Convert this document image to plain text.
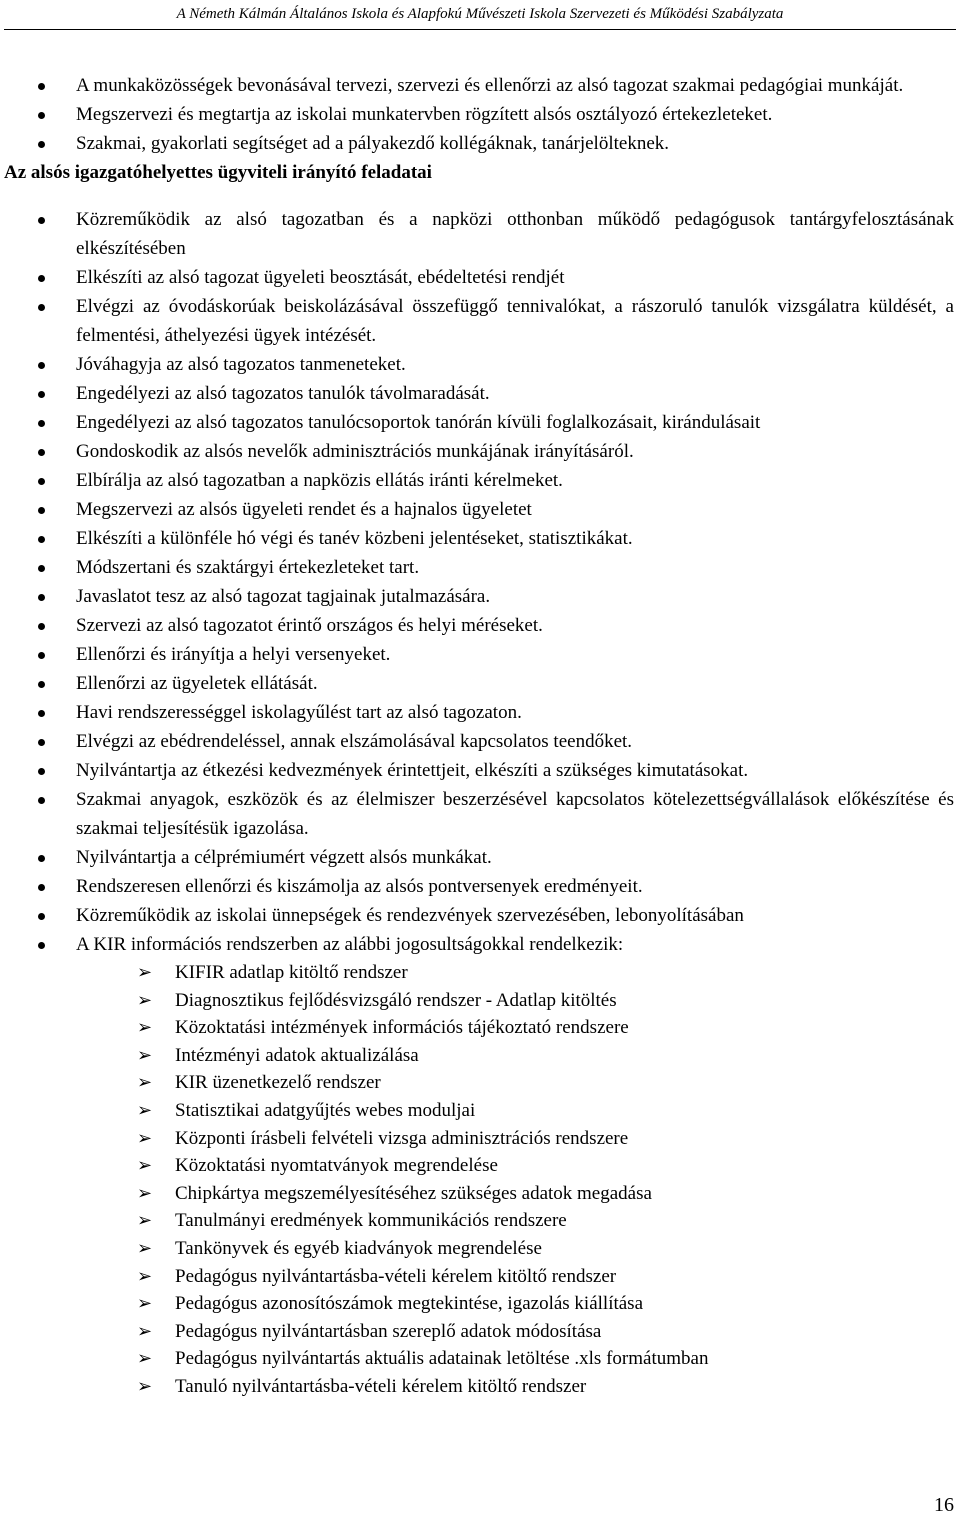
A Németh Kálmán Általános Iskola és Alapfokú Művészeti Iskola Szervezeti és Működési Szabályzata
A munkaközösségek bevonásával tervezi, szervezi és ellenőrzi az alsó tagozat szakmai pedagógiai munkáját.
Megszervezi és megtartja az iskolai munkatervben rögzített alsós osztályozó értekezleteket.
Szakmai, gyakorlati segítséget ad a pályakezdő kollégáknak, tanárjelölteknek.

Az alsós igazgatóhelyettes ügyviteli irányító feladatai

Közreműködik az alsó tagozatban és a napközi otthonban működő pedagógusok tantárgyfelosztásának elkészítésében
Elkészíti az alsó tagozat ügyeleti beosztását, ebédeltetési rendjét
Elvégzi az óvodáskorúak beiskolázásával összefüggő tennivalókat, a rászoruló tanulók vizsgálatra küldését, a felmentési, áthelyezési ügyek intézését.
Jóváhagyja az alsó tagozatos tanmeneteket.
Engedélyezi az alsó tagozatos tanulók távolmaradását.
Engedélyezi az alsó tagozatos tanulócsoportok tanórán kívüli foglalkozásait, kirándulásait
Gondoskodik az alsós nevelők adminisztrációs munkájának irányításáról.
Elbírálja az alsó tagozatban a napközis ellátás iránti kérelmeket.
Megszervezi az alsós ügyeleti rendet és a hajnalos ügyeletet
Elkészíti a különféle hó végi és tanév közbeni jelentéseket, statisztikákat.
Módszertani és szaktárgyi értekezleteket tart.
Javaslatot tesz az alsó tagozat tagjainak jutalmazására.
Szervezi az alsó tagozatot érintő országos és helyi méréseket.
Ellenőrzi és irányítja a helyi versenyeket.
Ellenőrzi az ügyeletek ellátását.
Havi rendszerességgel iskolagyűlést tart az alsó tagozaton.
Elvégzi az ebédrendeléssel, annak elszámolásával kapcsolatos teendőket.
Nyilvántartja az étkezési kedvezmények érintettjeit, elkészíti a szükséges kimutatásokat.
Szakmai anyagok, eszközök és az élelmiszer beszerzésével kapcsolatos kötelezettségvállalások előkészítése és szakmai teljesítésük igazolása.
Nyilvántartja a célprémiumért végzett alsós munkákat.
Rendszeresen ellenőrzi és kiszámolja az alsós pontversenyek eredményeit.
Közreműködik az iskolai ünnepségek és rendezvények szervezésében, lebonyolításában
A KIR információs rendszerben az alábbi jogosultságokkal rendelkezik:
➢ KIFIR adatlap kitöltő rendszer
➢ Diagnosztikus fejlődésvizsgáló rendszer - Adatlap kitöltés
➢ Közoktatási intézmények információs tájékoztató rendszere
➢ Intézményi adatok aktualizálása
➢ KIR üzenetkezelő rendszer
➢ Statisztikai adatgyűjtés webes moduljai
➢ Központi írásbeli felvételi vizsga adminisztrációs rendszere
➢ Közoktatási nyomtatványok megrendelése
➢ Chipkártya megszemélyesítéséhez szükséges adatok megadása
➢ Tanulmányi eredmények kommunikációs rendszere
➢ Tankönyvek és egyéb kiadványok megrendelése
➢ Pedagógus nyilvántartásba-vételi kérelem kitöltő rendszer
➢ Pedagógus azonosítószámok megtekintése, igazolás kiállítása
➢ Pedagógus nyilvántartásban szereplő adatok módosítása
➢ Pedagógus nyilvántartás aktuális adatainak letöltése .xls formátumban
➢ Tanuló nyilvántartásba-vételi kérelem kitöltő rendszer
16
